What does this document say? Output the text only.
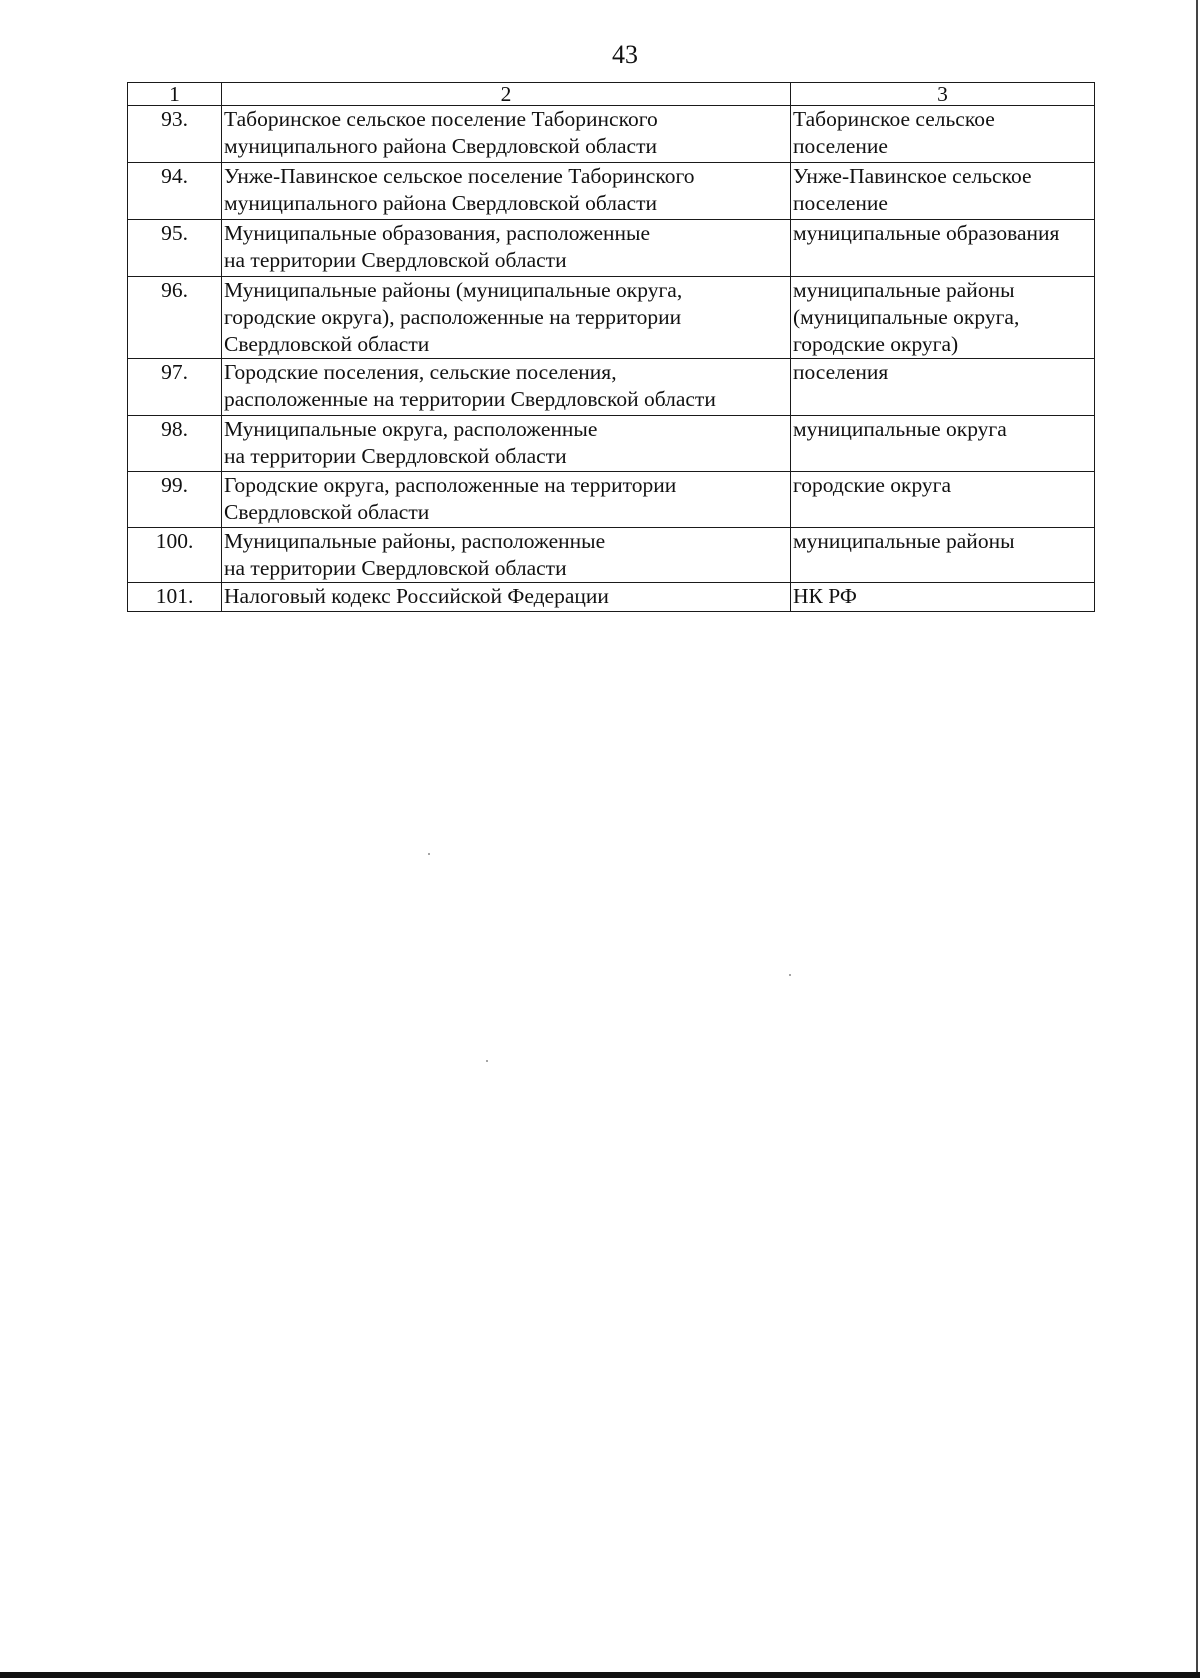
43
1	2	3
93.	Таборинское сельское поселение Таборинского
муниципального района Свердловской области	Таборинское сельское
поселение
94.	Унже-Павинское сельское поселение Таборинского
муниципального района Свердловской области	Унже-Павинское сельское
поселение
95.	Муниципальные образования, расположенные
на территории Свердловской области	муниципальные образования
96.	Муниципальные районы (муниципальные округа,
городские округа), расположенные на территории
Свердловской области	муниципальные районы
(муниципальные округа,
городские округа)
97.	Городские поселения, сельские поселения,
расположенные на территории Свердловской области	поселения
98.	Муниципальные округа, расположенные
на территории Свердловской области	муниципальные округа
99.	Городские округа, расположенные на территории
Свердловской области	городские округа
100.	Муниципальные районы, расположенные
на территории Свердловской области	муниципальные районы
101.	Налоговый кодекс Российской Федерации	НК РФ
